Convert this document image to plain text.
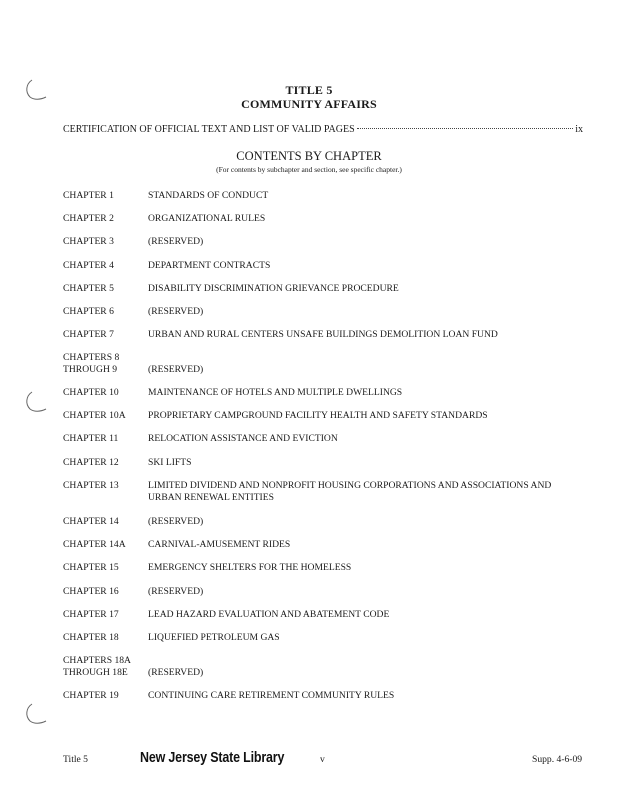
TITLE 5
COMMUNITY AFFAIRS
CERTIFICATION OF OFFICIAL TEXT AND LIST OF VALID PAGES	ix
CONTENTS BY CHAPTER
(For contents by subchapter and section, see specific chapter.)
CHAPTER 1	STANDARDS OF CONDUCT
CHAPTER 2	ORGANIZATIONAL RULES
CHAPTER 3	(RESERVED)
CHAPTER 4	DEPARTMENT CONTRACTS
CHAPTER 5	DISABILITY DISCRIMINATION GRIEVANCE PROCEDURE
CHAPTER 6	(RESERVED)
CHAPTER 7	URBAN AND RURAL CENTERS UNSAFE BUILDINGS DEMOLITION LOAN FUND
CHAPTERS 8
THROUGH 9	(RESERVED)
CHAPTER 10	MAINTENANCE OF HOTELS AND MULTIPLE DWELLINGS
CHAPTER 10A	PROPRIETARY CAMPGROUND FACILITY HEALTH AND SAFETY STANDARDS
CHAPTER 11	RELOCATION ASSISTANCE AND EVICTION
CHAPTER 12	SKI LIFTS
CHAPTER 13	LIMITED DIVIDEND AND NONPROFIT HOUSING CORPORATIONS AND ASSOCIATIONS AND
URBAN RENEWAL ENTITIES
CHAPTER 14	(RESERVED)
CHAPTER 14A	CARNIVAL-AMUSEMENT RIDES
CHAPTER 15	EMERGENCY SHELTERS FOR THE HOMELESS
CHAPTER 16	(RESERVED)
CHAPTER 17	LEAD HAZARD EVALUATION AND ABATEMENT CODE
CHAPTER 18	LIQUEFIED PETROLEUM GAS
CHAPTERS 18A
THROUGH 18E	(RESERVED)
CHAPTER 19	CONTINUING CARE RETIREMENT COMMUNITY RULES
Title 5	New Jersey State Library	v	Supp. 4-6-09
